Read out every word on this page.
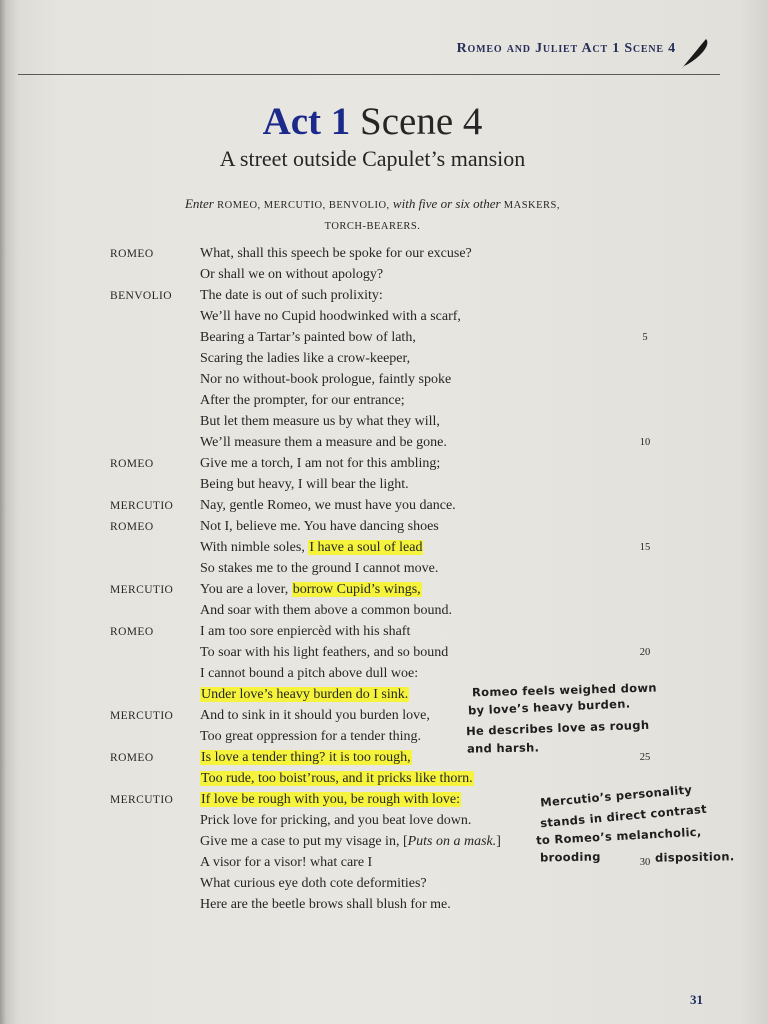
Romeo and Juliet Act 1 Scene 4
Act 1 Scene 4
A street outside Capulet’s mansion
Enter ROMEO, MERCUTIO, BENVOLIO, with five or six other MASKERS,
TORCH-BEARERS.
ROMEO	What, shall this speech be spoke for our excuse?
Or shall we on without apology?
BENVOLIO The date is out of such prolixity:
We’ll have no Cupid hoodwinked with a scarf,
Bearing a Tartar’s painted bow of lath,	5
Scaring the ladies like a crow-keeper,
Nor no without-book prologue, faintly spoke
After the prompter, for our entrance;
But let them measure us by what they will,
We’ll measure them a measure and be gone.	10
ROMEO	Give me a torch, I am not for this ambling;
Being but heavy, I will bear the light.
MERCUTIO Nay, gentle Romeo, we must have you dance.
ROMEO	Not I, believe me. You have dancing shoes
With nimble soles, I have a soul of lead	15
So stakes me to the ground I cannot move.
MERCUTIO You are a lover, borrow Cupid’s wings,
And soar with them above a common bound.
ROMEO	I am too sore enpiercèd with his shaft
To soar with his light feathers, and so bound	20
I cannot bound a pitch above dull woe:
Under love’s heavy burden do I sink.
MERCUTIO And to sink in it should you burden love,
Too great oppression for a tender thing.
ROMEO	Is love a tender thing? it is too rough,	25
Too rude, too boist’rous, and it pricks like thorn.
MERCUTIO If love be rough with you, be rough with love:
Prick love for pricking, and you beat love down.
Give me a case to put my visage in, [Puts on a mask.]
A visor for a visor! what care I	30
What curious eye doth cote deformities?
Here are the beetle brows shall blush for me.
Romeo feels weighed down
by love’s heavy burden.
He describes love as rough
and harsh.
Mercutio’s personality
stands in direct contrast
to Romeo’s melancholic,
brooding	disposition.
31
